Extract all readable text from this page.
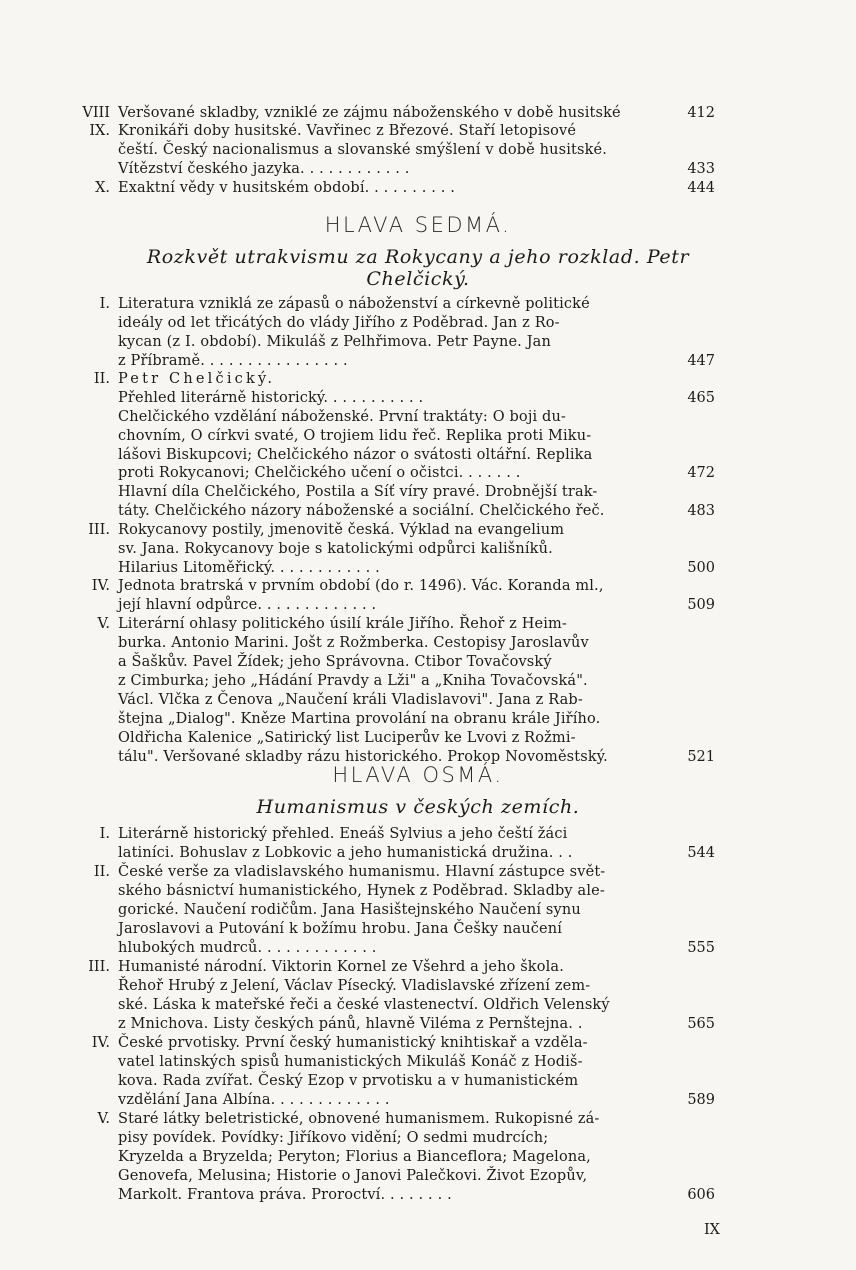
VIII Veršované skladby, vzniklé ze zájmu náboženského v době husitské	412
IX. Kronikáři doby husitské. Vavřinec z Březové. Staří letopisové
čeští. Český nacionalismus a slovanské smýšlení v době husitské.
Vítězství českého jazyka. . . . . . . . . . . .	433
X. Exaktní vědy v husitském období. . . . . . . . . .	444
HLAVA SEDMÁ.
Rozkvět utrakvismu za Rokycany a jeho rozklad. Petr
Chelčický.
I. Literatura vzniklá ze zápasů o náboženství a církevně politické
ideály od let třicátých do vlády Jiřího z Poděbrad. Jan z Ro-
kycan (z I. období). Mikuláš z Pelhřimova. Petr Payne. Jan
z Příbramě. . . . . . . . . . . . . . . .	447
II. Petr Chelčický.
Přehled literárně historický. . . . . . . . . . .	465
Chelčického vzdělání náboženské. První traktáty: O boji du-
chovním, O církvi svaté, O trojiem lidu řeč. Replika proti Miku-
lášovi Biskupcovi; Chelčického názor o svátosti oltářní. Replika
proti Rokycanovi; Chelčického učení o očistci. . . . . . .	472
Hlavní díla Chelčického, Postila a Síť víry pravé. Drobnější trak-
táty. Chelčického názory náboženské a sociální. Chelčického řeč.	483
III. Rokycanovy postily, jmenovitě česká. Výklad na evangelium
sv. Jana. Rokycanovy boje s katolickými odpůrci kališníků.
Hilarius Litoměřický. . . . . . . . . . . .	500
IV. Jednota bratrská v prvním období (do r. 1496). Vác. Koranda ml.,
její hlavní odpůrce. . . . . . . . . . . . .	509
V. Literární ohlasy politického úsilí krále Jiřího. Řehoř z Heim-
burka. Antonio Marini. Jošt z Rožmberka. Cestopisy Jaroslavův
a Šaškův. Pavel Žídek; jeho Správovna. Ctibor Tovačovský
z Cimburka; jeho „Hádání Pravdy a Lži" a „Kniha Tovačovská".
Václ. Vlčka z Čenova „Naučení králi Vladislavovi". Jana z Rab-
štejna „Dialog". Kněze Martina provolání na obranu krále Jiřího.
Oldřicha Kalenice „Satirický list Luciperův ke Lvovi z Rožmi-
tálu". Veršované skladby rázu historického. Prokop Novoměstský.	521
HLAVA OSMÁ.
Humanismus v českých zemích.
I. Literárně historický přehled. Eneáš Sylvius a jeho čeští žáci
latiníci. Bohuslav z Lobkovic a jeho humanistická družina. . .	544
II. České verše za vladislavského humanismu. Hlavní zástupce svět-
ského básnictví humanistického, Hynek z Poděbrad. Skladby ale-
gorické. Naučení rodičům. Jana Hasištejnského Naučení synu
Jaroslavovi a Putování k božímu hrobu. Jana Češky naučení
hlubokých mudrců. . . . . . . . . . . . .	555
III. Humanisté národní. Viktorin Kornel ze Všehrd a jeho škola.
Řehoř Hrubý z Jelení, Václav Písecký. Vladislavské zřízení zem-
ské. Láska k mateřské řeči a české vlastenectví. Oldřich Velenský
z Mnichova. Listy českých pánů, hlavně Viléma z Pernštejna. .	565
IV. České prvotisky. První český humanistický knihtiskař a vzděla-
vatel latinských spisů humanistických Mikuláš Konáč z Hodiš-
kova. Rada zvířat. Český Ezop v prvotisku a v humanistickém
vzdělání Jana Albína. . . . . . . . . . . . .	589
V. Staré látky beletristické, obnovené humanismem. Rukopisné zá-
pisy povídek. Povídky: Jiříkovo vidění; O sedmi mudrcích;
Kryzelda a Bryzelda; Peryton; Florius a Bianceflora; Magelona,
Genovefa, Melusina; Historie o Janovi Palečkovi. Život Ezopův,
Markolt. Frantova práva. Proroctví. . . . . . . .	606
IX
